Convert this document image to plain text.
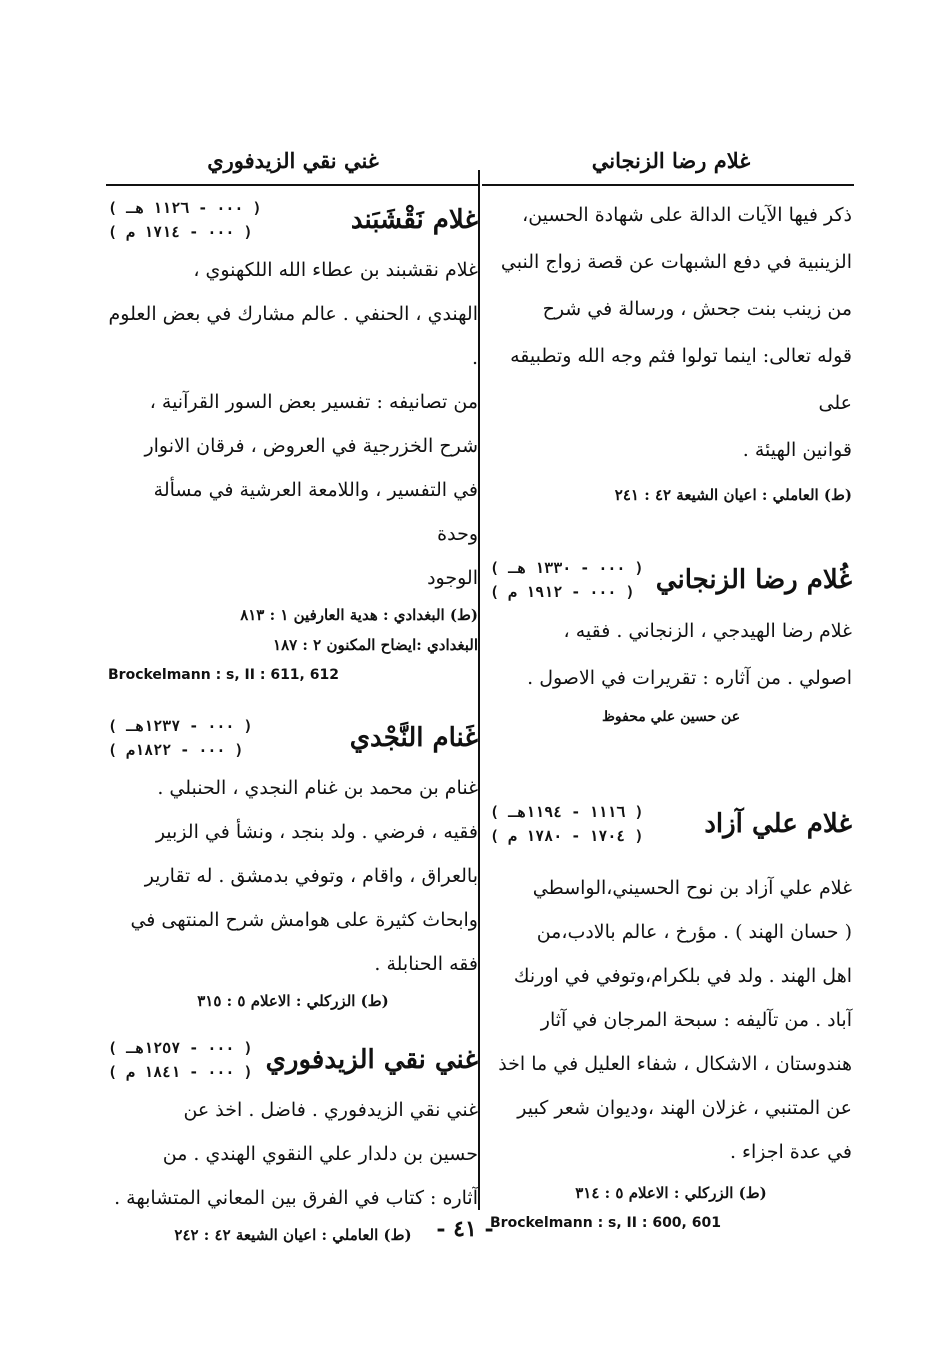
غلام رضا الزنجاني

ذكر فيها الآيات الدالة على شهادة الحسين،

الزينبية في دفع الشبهات عن قصة زواج النبي

من زينب بنت جحش ، ورسالة في شرح

قوله تعالى: اينما تولوا فثم وجه الله وتطبيقه على

قوانين الهيئة .

(ط) العاملي : اعيان الشيعة ٤٢ : ٢٤١

غُلام رضا الزنجاني
( ٠٠٠ - ١٣٣٠ هـ )
( ٠٠٠ - ١٩١٢ م )

غلام رضا الهيدجي ، الزنجاني . فقيه ،

اصولي . من آثاره : تقريرات في الاصول .

عن حسين علي محفوظ

غلام علي آزاد
( ١١١٦ - ١١٩٤هـ )
( ١٧٠٤ - ١٧٨٠ م )

غلام علي آزاد بن نوح الحسيني،الواسطي

( حسان الهند ) . مؤرخ ، عالم بالادب،من

اهل الهند . ولد في بلكرام،وتوفي في اورنك

آباد . من تآليفه : سبحة المرجان في آثار

هندوستان ، الاشكال ، شفاء العليل في ما اخذ

عن المتنبي ، غزلان الهند ،وديوان شعر كبير

في عدة اجزاء .

(ط) الزركلي : الاعلام ٥ : ٣١٤

Brockelmann : s, II : 600, 601

غني نقي الزيدفوري
غلام نَقْشَبَند
( ٠٠٠ - ١١٢٦ هـ )
( ٠٠٠ - ١٧١٤ م )

غلام نقشبند بن عطاء الله اللكهنوي ،

الهندي ، الحنفي . عالم مشارك في بعض العلوم .

من تصانيفه : تفسير بعض السور القرآنية ،

شرح الخزرجية في العروض ، فرقان الانوار

في التفسير ، واللامعة العرشية في مسألة وحدة

الوجود

(ط) البغدادي : هدية العارفين ١ : ٨١٣

البغدادي :ايضاح المكنون ٢ : ١٨٧

Brockelmann : s, II : 611, 612

غَنام النَّجْدي
( ٠٠٠ - ١٢٣٧هـ )
( ٠٠٠ - ١٨٢٢م )

غنام بن محمد بن غنام النجدي ، الحنبلي .

فقيه ، فرضي . ولد بنجد ، ونشأ في الزبير

بالعراق ، واقام ، وتوفي بدمشق . له تقارير

وابحاث كثيرة على هوامش شرح المنتهى في

فقه الحنابلة .

(ط) الزركلي : الاعلام ٥ : ٣١٥

غني نقي الزيدفوري
( ٠٠٠ - ١٢٥٧هـ )
( ٠٠٠ - ١٨٤١ م )

غني نقي الزيدفوري . فاضل . اخذ عن

حسين بن دلدار علي النقوي الهندي . من

آثاره : كتاب في الفرق بين المعاني المتشابهة .

(ط) العاملي : اعيان الشيعة ٤٢ : ٢٤٢	- ٤١ -
